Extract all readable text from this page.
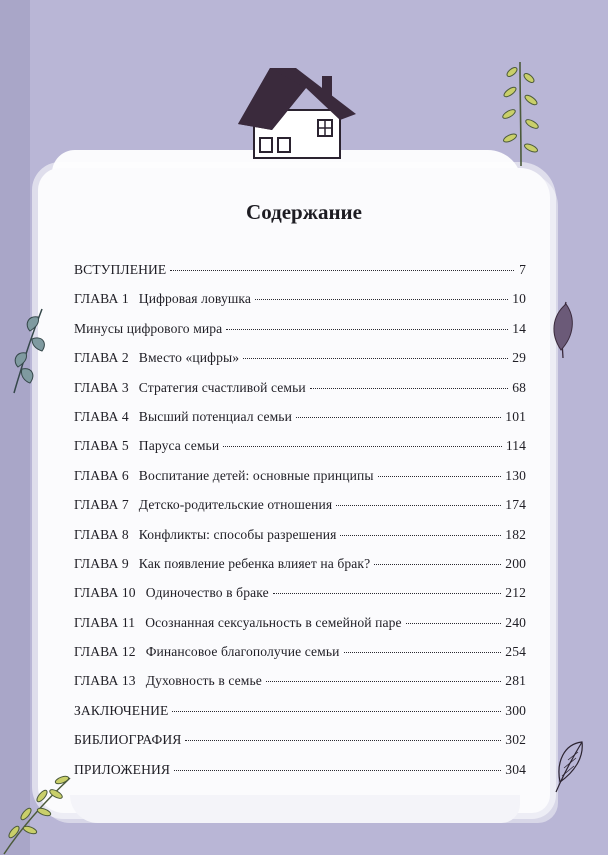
Содержание
ВСТУПЛЕНИЕ	7
ГЛАВА 1 Цифровая ловушка	10
Минусы цифрового мира	14
ГЛАВА 2 Вместо «цифры»	29
ГЛАВА 3 Стратегия счастливой семьи	68
ГЛАВА 4 Высший потенциал семьи	101
ГЛАВА 5 Паруса семьи	114
ГЛАВА 6 Воспитание детей: основные принципы	130
ГЛАВА 7 Детско-родительские отношения	174
ГЛАВА 8 Конфликты: способы разрешения	182
ГЛАВА 9 Как появление ребенка влияет на брак?	200
ГЛАВА 10 Одиночество в браке	212
ГЛАВА 11 Осознанная сексуальность в семейной паре	240
ГЛАВА 12 Финансовое благополучие семьи	254
ГЛАВА 13 Духовность в семье	281
ЗАКЛЮЧЕНИЕ	300
БИБЛИОГРАФИЯ	302
ПРИЛОЖЕНИЯ	304
